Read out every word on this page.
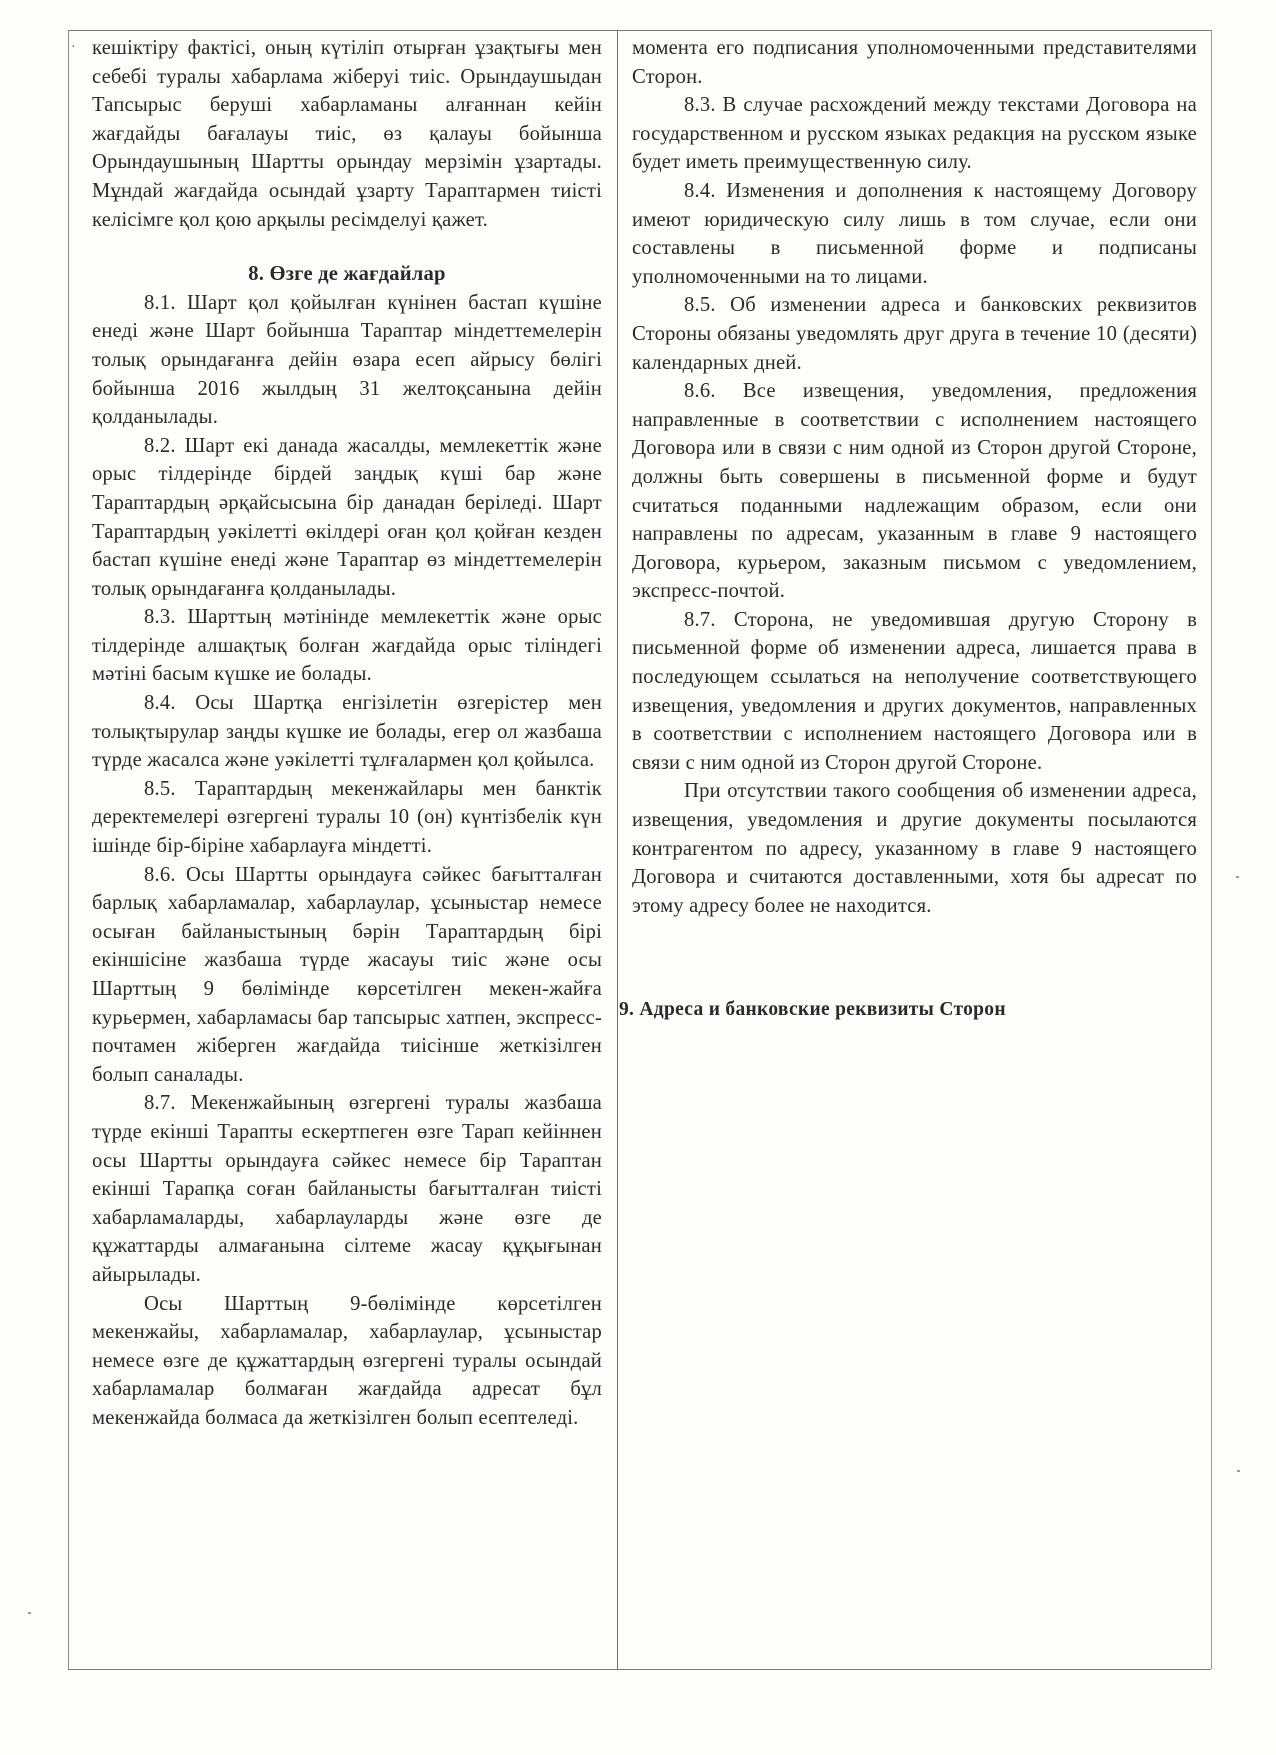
· кешіктіру фактісі, оның күтіліп отырған ұзақтығы мен себебі туралы хабарлама жіберуі тиіс. Орындаушыдан Тапсырыс беруші хабарламаны алғаннан кейін жағдайды бағалауы тиіс, өз қалауы бойынша Орындаушының Шартты орындау мерзімін ұзартады. Мұндай жағдайда осындай ұзарту Тараптармен тиісті келісімге қол қою арқылы ресімделуі қажет.

8. Өзге де жағдайлар

8.1. Шарт қол қойылған күнінен бастап күшіне енеді және Шарт бойынша Тараптар міндеттемелерін толық орындағанға дейін өзара есеп айрысу бөлігі бойынша 2016 жылдың 31 желтоқсанына дейін қолданылады.

8.2. Шарт екі данада жасалды, мемлекеттік және орыс тілдерінде бірдей заңдық күші бар және Тараптардың әрқайсысына бір данадан беріледі. Шарт Тараптардың уәкілетті өкілдері оған қол қойған кезден бастап күшіне енеді және Тараптар өз міндеттемелерін толық орындағанға қолданылады.

8.3. Шарттың мәтінінде мемлекеттік және орыс тілдерінде алшақтық болған жағдайда орыс тіліндегі мәтіні басым күшке ие болады.

8.4. Осы Шартқа енгізілетін өзгерістер мен толықтырулар заңды күшке ие болады, егер ол жазбаша түрде жасалса және уәкілетті тұлғалармен қол қойылса.

8.5. Тараптардың мекенжайлары мен банктік деректемелері өзгергені туралы 10 (он) күнтізбелік күн ішінде бір-біріне хабарлауға міндетті.

8.6. Осы Шартты орындауға сәйкес бағытталған барлық хабарламалар, хабарлаулар, ұсыныстар немесе осыған байланыстының бәрін Тараптардың бірі екіншісіне жазбаша түрде жасауы тиіс және осы Шарттың 9 бөлімінде көрсетілген мекен-жайға курьермен, хабарламасы бар тапсырыс хатпен, экспресс-почтамен жіберген жағдайда тиісінше жеткізілген болып саналады.

8.7. Мекенжайының өзгергені туралы жазбаша түрде екінші Тарапты ескертпеген өзге Тарап кейіннен осы Шартты орындауға сәйкес немесе бір Тараптан екінші Тарапқа соған байланысты бағытталған тиісті хабарламаларды, хабарлауларды және өзге де құжаттарды алмағанына сілтеме жасау құқығынан айырылады.

Осы Шарттың 9-бөлімінде көрсетілген мекенжайы, хабарламалар, хабарлаулар, ұсыныстар немесе өзге де құжаттардың өзгергені туралы осындай хабарламалар болмаған жағдайда адресат бұл мекенжайда болмаса да жеткізілген болып есептеледі.

момента его подписания уполномоченными представителями Сторон.

8.3. В случае расхождений между текстами Договора на государственном и русском языках редакция на русском языке будет иметь преимущественную силу.

8.4. Изменения и дополнения к настоящему Договору имеют юридическую силу лишь в том случае, если они составлены в письменной форме и подписаны уполномоченными на то лицами.

8.5. Об изменении адреса и банковских реквизитов Стороны обязаны уведомлять друг друга в течение 10 (десяти) календарных дней.

8.6. Все извещения, уведомления, предложения направленные в соответствии с исполнением настоящего Договора или в связи с ним одной из Сторон другой Стороне, должны быть совершены в письменной форме и будут считаться поданными надлежащим образом, если они направлены по адресам, указанным в главе 9 настоящего Договора, курьером, заказным письмом с уведомлением, экспресс-почтой.

8.7. Сторона, не уведомившая другую Сторону в письменной форме об изменении адреса, лишается права в последующем ссылаться на неполучение соответствующего извещения, уведомления и других документов, направленных в соответствии с исполнением настоящего Договора или в связи с ним одной из Сторон другой Стороне.

При отсутствии такого сообщения об изменении адреса, извещения, уведомления и другие документы посылаются контрагентом по адресу, указанному в главе 9 настоящего Договора и считаются доставленными, хотя бы адресат по этому адресу более не находится.

9. Адреса и банковские реквизиты Сторон
